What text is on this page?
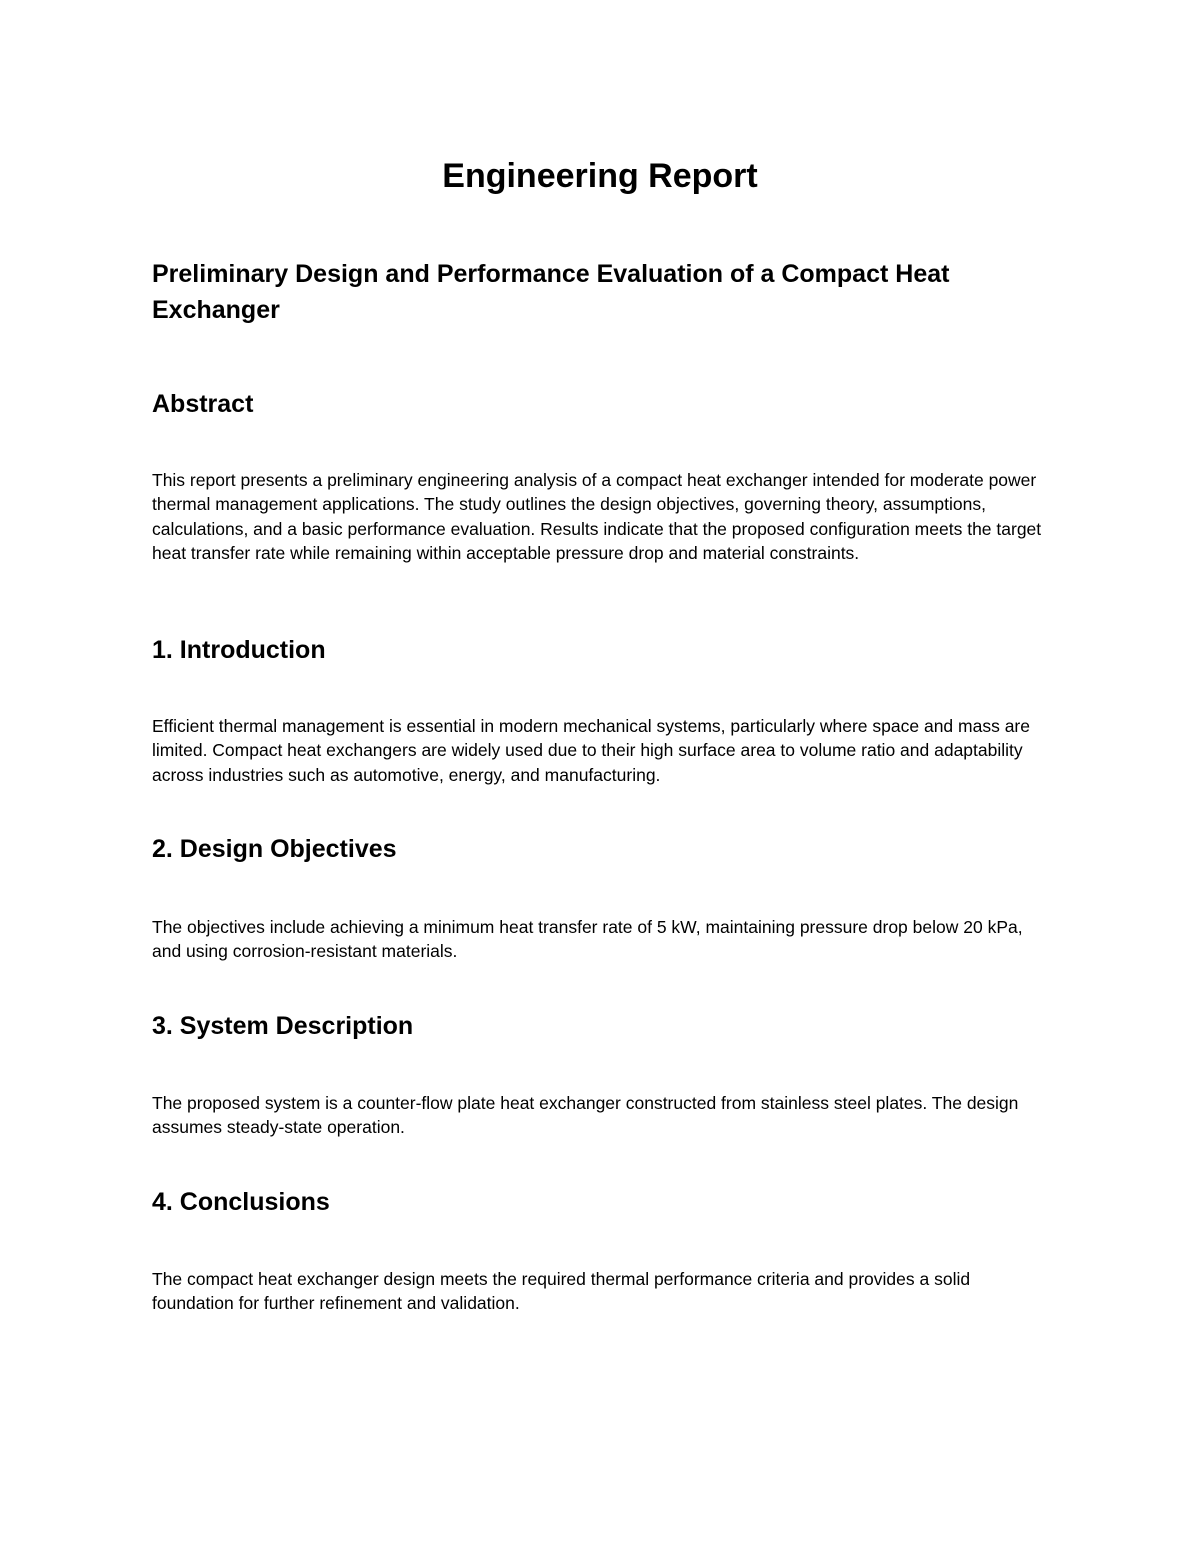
Engineering Report
Preliminary Design and Performance Evaluation of a Compact Heat Exchanger
Abstract

This report presents a preliminary engineering analysis of a compact heat exchanger intended for moderate power thermal management applications. The study outlines the design objectives, governing theory, assumptions, calculations, and a basic performance evaluation. Results indicate that the proposed configuration meets the target heat transfer rate while remaining within acceptable pressure drop and material constraints.

1. Introduction

Efficient thermal management is essential in modern mechanical systems, particularly where space and mass are limited. Compact heat exchangers are widely used due to their high surface area to volume ratio and adaptability across industries such as automotive, energy, and manufacturing.

2. Design Objectives

The objectives include achieving a minimum heat transfer rate of 5 kW, maintaining pressure drop below 20 kPa, and using corrosion-resistant materials.

3. System Description

The proposed system is a counter-flow plate heat exchanger constructed from stainless steel plates. The design assumes steady-state operation.

4. Conclusions

The compact heat exchanger design meets the required thermal performance criteria and provides a solid foundation for further refinement and validation.
